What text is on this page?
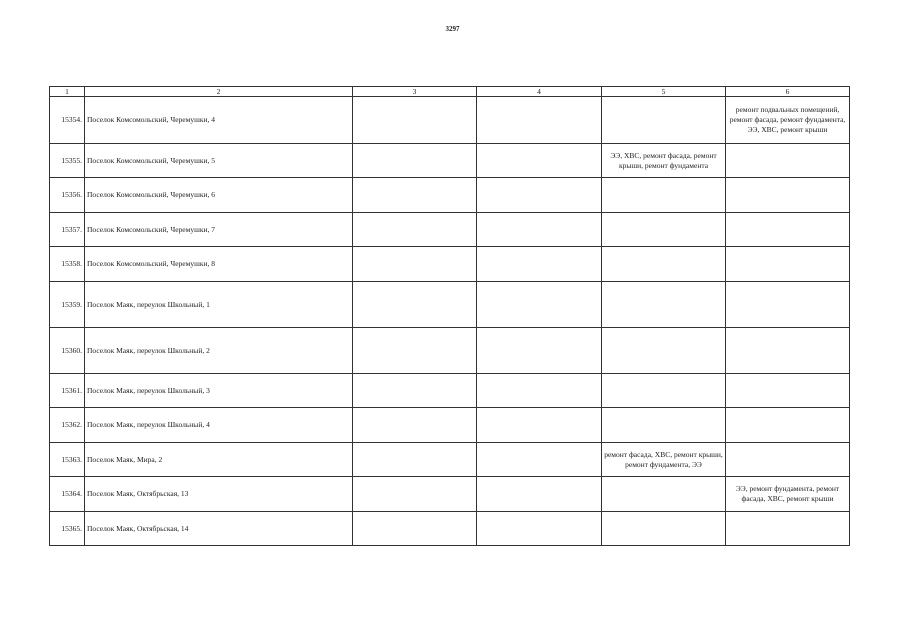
3297
1	2	3	4	5	6
15354.	Поселок Комсомольский, Черемушки, 4				ремонт подвальных помещений, ремонт фасада, ремонт фундамента, ЭЭ, ХВС, ремонт крыши
15355.	Поселок Комсомольский, Черемушки, 5			ЭЭ, ХВС, ремонт фасада, ремонт крыши, ремонт фундамента	
15356.	Поселок Комсомольский, Черемушки, 6				
15357.	Поселок Комсомольский, Черемушки, 7				
15358.	Поселок Комсомольский, Черемушки, 8				
15359.	Поселок Маяк, переулок Школьный, 1				
15360.	Поселок Маяк, переулок Школьный, 2				
15361.	Поселок Маяк, переулок Школьный, 3				
15362.	Поселок Маяк, переулок Школьный, 4				
15363.	Поселок Маяк, Мира, 2			ремонт фасада, ХВС, ремонт крыши, ремонт фундамента, ЭЭ	
15364.	Поселок Маяк, Октябрьская, 13				ЭЭ, ремонт фундамента, ремонт фасада, ХВС, ремонт крыши
15365.	Поселок Маяк, Октябрьская, 14				
